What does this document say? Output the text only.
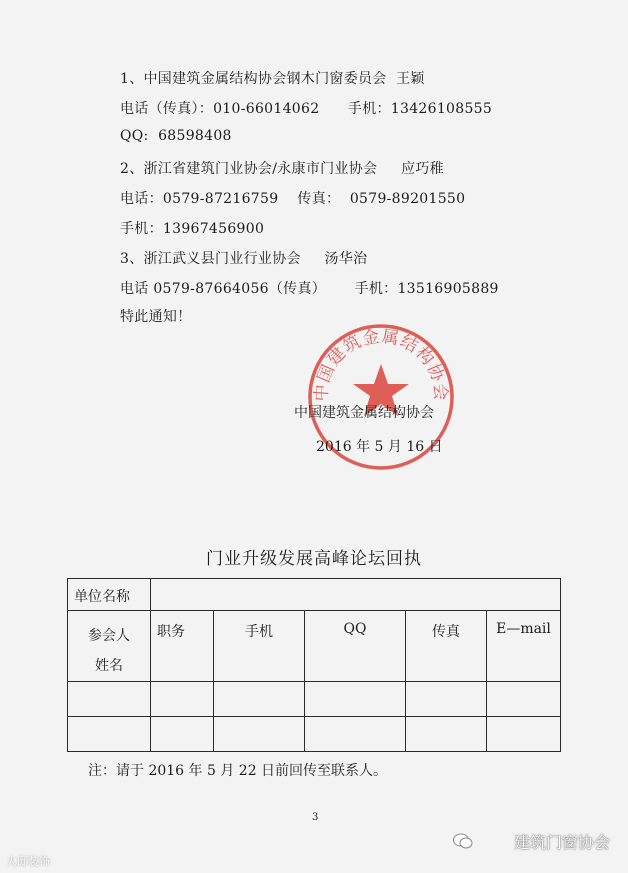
1、中国建筑金属结构协会钢木门窗委员会  王颖
电话（传真）：010-66014062      手机：13426108555
QQ:  68598408
2、浙江省建筑门业协会/永康市门业协会     应巧稚
电话：0579-87216759    传真：  0579-89201550
手机：13967456900
3、浙江武义县门业行业协会     汤华治
电话 0579-87664056（传真）      手机：13516905889
特此通知！
中国建筑金属结构协会
中国建筑金属结构协会
2016 年 5 月 16 日
门业升级发展高峰论坛回执
单位名称					
参会人
姓名	职务	手机	QQ	传真	E—mail

注：请于 2016 年 5 月 22 日前回传至联系人。
3
建筑门窗协会
大邸装饰
